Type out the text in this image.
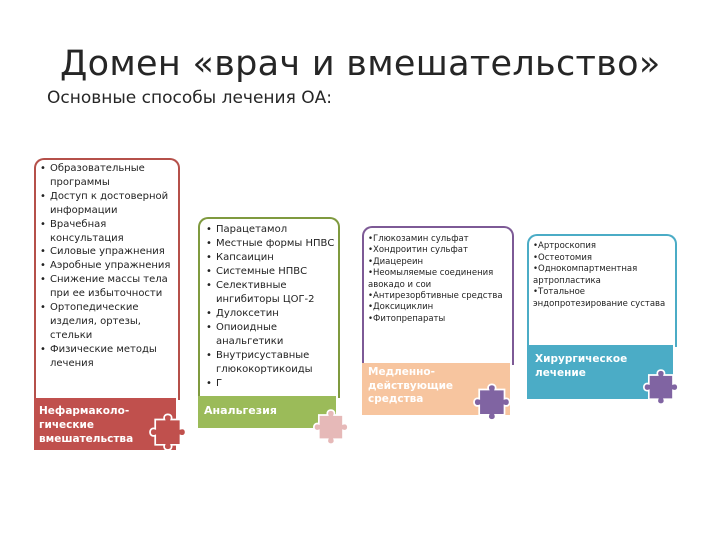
Домен «врач и вмешательство»
Основные способы лечения ОА:
• Образовательные программы
• Доступ к достоверной информации
• Врачебная консультация
• Силовые упражнения
• Аэробные упражнения
• Снижение массы тела при ее избыточности
• Ортопедические изделия, ортезы, стельки
• Физические методы лечения
Нефармаколо-гические вмешательства
• Парацетамол
• Местные формы НПВС
• Капсаицин
• Системные НПВС
• Селективные ингибиторы ЦОГ-2
• Дулоксетин
• Опиоидные анальгетики
• Внутрисуставные глюкокортикоиды
• Г
Анальгезия
•Глюкозамин сульфат
•Хондроитин сульфат
•Диацереин
•Неомыляемые соединения авокадо и сои
•Антирезорбтивные средства
•Доксициклин
•Фитопрепараты
Медленно-действующие средства
•Артроскопия
•Остеотомия
•Однокомпартментная артропластика
•Тотальное эндопротезирование сустава
Хирургическое лечение
